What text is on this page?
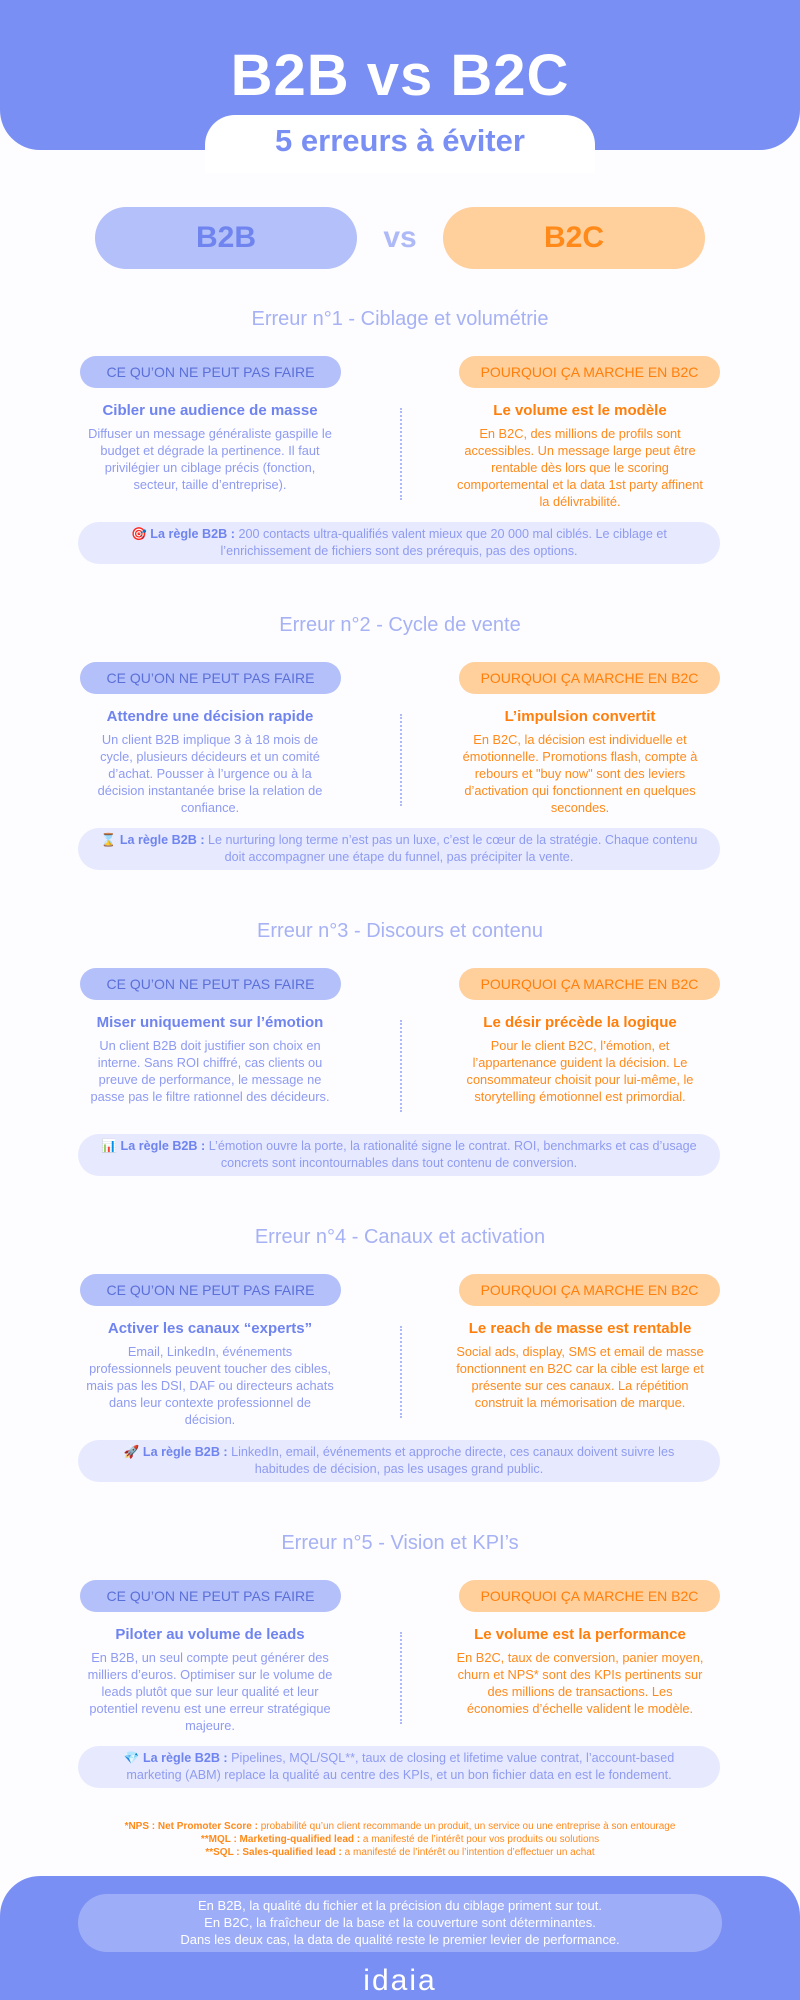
B2B vs B2C
5 erreurs à éviter
B2B	vs	B2C
Erreur n°1 - Ciblage et volumétrie
CE QU’ON NE PEUT PAS FAIRE	POURQUOI ÇA MARCHE EN B2C
Cibler une audience de masse

Diffuser un message généraliste gaspille le budget et dégrade la pertinence. Il faut privilégier un ciblage précis (fonction, secteur, taille d’entreprise).

Le volume est le modèle

En B2C, des millions de profils sont accessibles. Un message large peut être rentable dès lors que le scoring comportemental et la data 1st party affinent la délivrabilité.

🎯 La règle B2B : 200 contacts ultra-qualifiés valent mieux que 20 000 mal ciblés. Le ciblage et l’enrichissement de fichiers sont des prérequis, pas des options.
Erreur n°2 - Cycle de vente
CE QU’ON NE PEUT PAS FAIRE	POURQUOI ÇA MARCHE EN B2C
Attendre une décision rapide

Un client B2B implique 3 à 18 mois de cycle, plusieurs décideurs et un comité d’achat. Pousser à l’urgence ou à la décision instantanée brise la relation de confiance.

L’impulsion convertit

En B2C, la décision est individuelle et émotionnelle. Promotions flash, compte à rebours et "buy now" sont des leviers d’activation qui fonctionnent en quelques secondes.

⌛ La règle B2B : Le nurturing long terme n’est pas un luxe, c’est le cœur de la stratégie. Chaque contenu doit accompagner une étape du funnel, pas précipiter la vente.
Erreur n°3 - Discours et contenu
CE QU’ON NE PEUT PAS FAIRE	POURQUOI ÇA MARCHE EN B2C
Miser uniquement sur l’émotion

Un client B2B doit justifier son choix en interne. Sans ROI chiffré, cas clients ou preuve de performance, le message ne passe pas le filtre rationnel des décideurs.

Le désir précède la logique

Pour le client B2C, l’émotion, et l’appartenance guident la décision. Le consommateur choisit pour lui-même, le storytelling émotionnel est primordial.

📊 La règle B2B : L’émotion ouvre la porte, la rationalité signe le contrat. ROI, benchmarks et cas d’usage concrets sont incontournables dans tout contenu de conversion.
Erreur n°4 - Canaux et activation
CE QU’ON NE PEUT PAS FAIRE	POURQUOI ÇA MARCHE EN B2C
Activer les canaux “experts”

Email, LinkedIn, événements professionnels peuvent toucher des cibles, mais pas les DSI, DAF ou directeurs achats dans leur contexte professionnel de décision.

Le reach de masse est rentable

Social ads, display, SMS et email de masse fonctionnent en B2C car la cible est large et présente sur ces canaux. La répétition construit la mémorisation de marque.

🚀 La règle B2B : LinkedIn, email, événements et approche directe, ces canaux doivent suivre les habitudes de décision, pas les usages grand public.
Erreur n°5 - Vision et KPI’s
CE QU’ON NE PEUT PAS FAIRE	POURQUOI ÇA MARCHE EN B2C
Piloter au volume de leads

En B2B, un seul compte peut générer des milliers d’euros. Optimiser sur le volume de leads plutôt que sur leur qualité et leur potentiel revenu est une erreur stratégique majeure.

Le volume est la performance

En B2C, taux de conversion, panier moyen, churn et NPS* sont des KPIs pertinents sur des millions de transactions. Les économies d’échelle valident le modèle.

💎 La règle B2B : Pipelines, MQL/SQL**, taux de closing et lifetime value contrat, l’account-based marketing (ABM) replace la qualité au centre des KPIs, et un bon fichier data en est le fondement.
*NPS : Net Promoter Score : probabilité qu’un client recommande un produit, un service ou une entreprise à son entourage
**MQL : Marketing-qualified lead : a manifesté de l’intérêt pour vos produits ou solutions
**SQL : Sales-qualified lead : a manifesté de l’intérêt ou l’intention d’effectuer un achat
En B2B, la qualité du fichier et la précision du ciblage priment sur tout.
En B2C, la fraîcheur de la base et la couverture sont déterminantes.
Dans les deux cas, la data de qualité reste le premier levier de performance.
idaia
